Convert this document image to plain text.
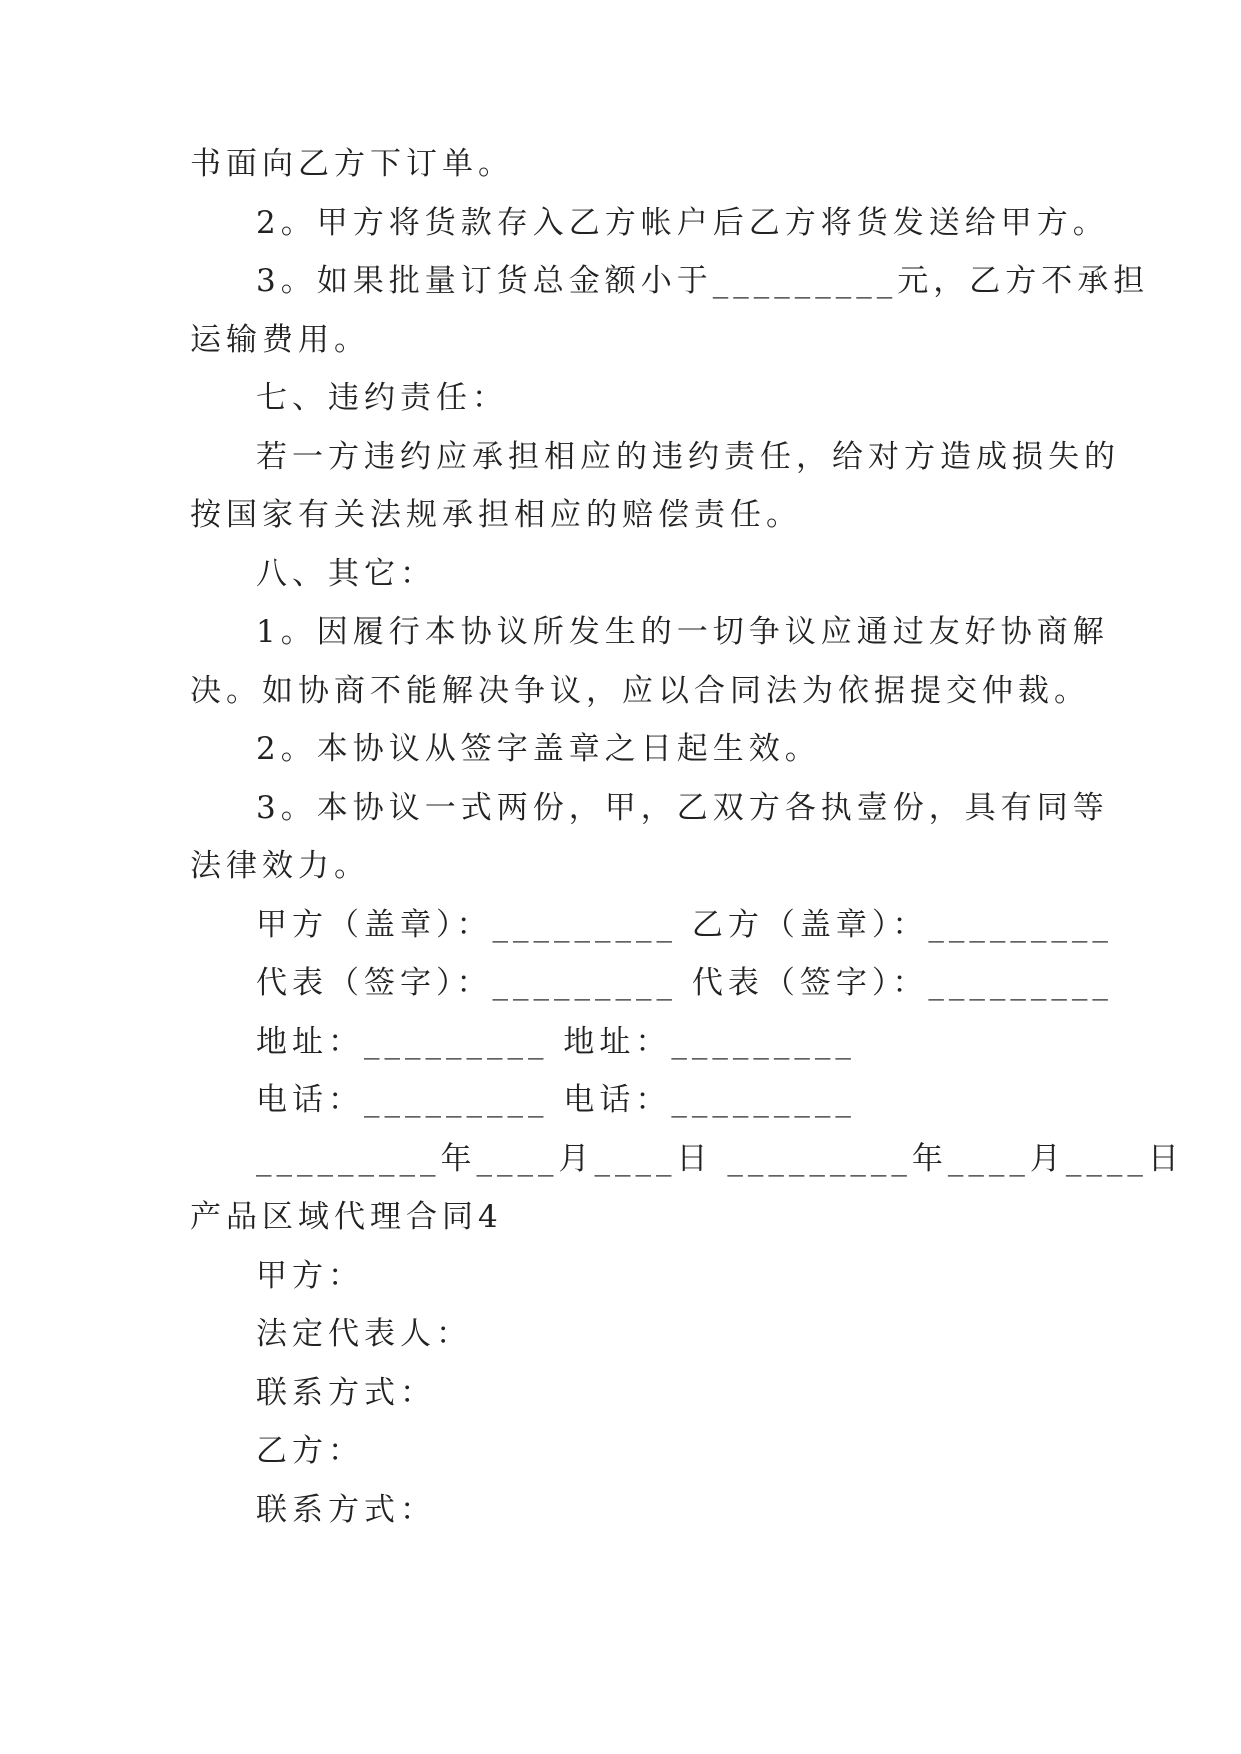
书面向乙方下订单。
2。甲方将货款存入乙方帐户后乙方将货发送给甲方。
3。如果批量订货总金额小于_________元，乙方不承担
运输费用。
七、违约责任：
若一方违约应承担相应的违约责任，给对方造成损失的
按国家有关法规承担相应的赔偿责任。
八、其它：
1。因履行本协议所发生的一切争议应通过友好协商解
决。如协商不能解决争议，应以合同法为依据提交仲裁。
2。本协议从签字盖章之日起生效。
3。本协议一式两份，甲，乙双方各执壹份，具有同等
法律效力。
甲方（盖章）：_________ 乙方（盖章）：_________
代表（签字）：_________ 代表（签字）：_________
地址：_________ 地址：_________
电话：_________ 电话：_________
_________年____月____日 _________年____月____日
产品区域代理合同4
甲方：
法定代表人：
联系方式：
乙方：
联系方式：
